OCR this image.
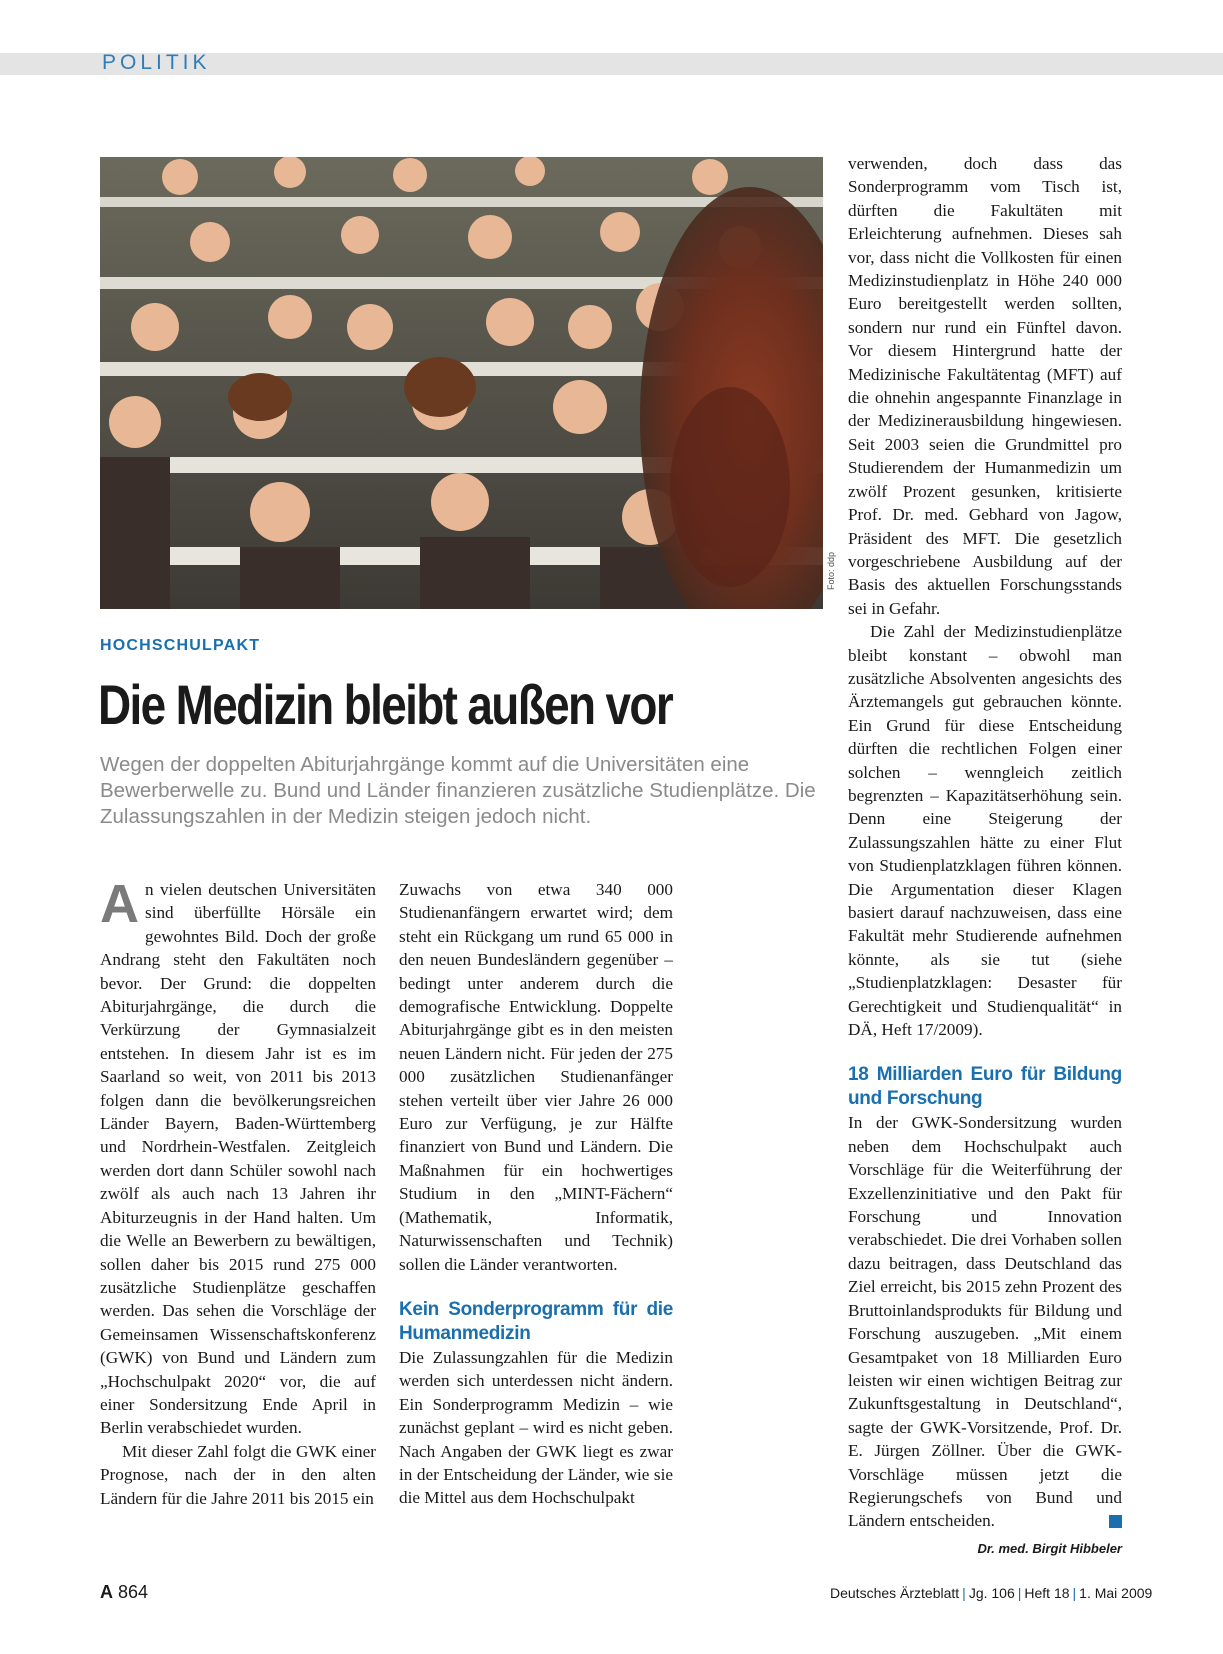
POLITIK
Foto: ddp
HOCHSCHULPAKT
Die Medizin bleibt außen vor

Wegen der doppelten Abiturjahrgänge kommt auf die Universitäten eine Bewerberwelle zu. Bund und Länder finanzieren zusätzliche Studienplätze. Die Zulassungszahlen in der Medizin steigen jedoch nicht.

An vielen deutschen Universitäten sind überfüllte Hörsäle ein gewohntes Bild. Doch der große Andrang steht den Fakultäten noch bevor. Der Grund: die doppelten Abiturjahrgänge, die durch die Verkürzung der Gymnasialzeit entstehen. In diesem Jahr ist es im Saarland so weit, von 2011 bis 2013 folgen dann die bevölkerungsreichen Länder Bayern, Baden-Württemberg und Nordrhein-Westfalen. Zeitgleich werden dort dann Schüler sowohl nach zwölf als auch nach 13 Jahren ihr Abiturzeugnis in der Hand halten. Um die Welle an Bewerbern zu bewältigen, sollen daher bis 2015 rund 275 000 zusätzliche Studienplätze geschaffen werden. Das sehen die Vorschläge der Gemeinsamen Wissenschaftskonferenz (GWK) von Bund und Ländern zum „Hochschulpakt 2020“ vor, die auf einer Sondersitzung Ende April in Berlin verabschiedet wurden.

Mit dieser Zahl folgt die GWK einer Prognose, nach der in den alten Ländern für die Jahre 2011 bis 2015 ein

Zuwachs von etwa 340 000 Studienanfängern erwartet wird; dem steht ein Rückgang um rund 65 000 in den neuen Bundesländern gegenüber – bedingt unter anderem durch die demografische Entwicklung. Doppelte Abiturjahrgänge gibt es in den meisten neuen Ländern nicht. Für jeden der 275 000 zusätzlichen Studienanfänger stehen verteilt über vier Jahre 26 000 Euro zur Verfügung, je zur Hälfte finanziert von Bund und Ländern. Die Maßnahmen für ein hochwertiges Studium in den „MINT-Fächern“ (Mathematik, Informatik, Naturwissenschaften und Technik) sollen die Länder verantworten.

Kein Sonderprogramm für die Humanmedizin

Die Zulassungzahlen für die Medizin werden sich unterdessen nicht ändern. Ein Sonderprogramm Medizin – wie zunächst geplant – wird es nicht geben. Nach Angaben der GWK liegt es zwar in der Entscheidung der Länder, wie sie die Mittel aus dem Hochschulpakt

verwenden, doch dass das Sonderprogramm vom Tisch ist, dürften die Fakultäten mit Erleichterung aufnehmen. Dieses sah vor, dass nicht die Vollkosten für einen Medizinstudienplatz in Höhe 240 000 Euro bereitgestellt werden sollten, sondern nur rund ein Fünftel davon. Vor diesem Hintergrund hatte der Medizinische Fakultätentag (MFT) auf die ohnehin angespannte Finanzlage in der Medizinerausbildung hingewiesen. Seit 2003 seien die Grundmittel pro Studierendem der Humanmedizin um zwölf Prozent gesunken, kritisierte Prof. Dr. med. Gebhard von Jagow, Präsident des MFT. Die gesetzlich vorgeschriebene Ausbildung auf der Basis des aktuellen Forschungsstands sei in Gefahr.

Die Zahl der Medizinstudienplätze bleibt konstant – obwohl man zusätzliche Absolventen angesichts des Ärztemangels gut gebrauchen könnte. Ein Grund für diese Entscheidung dürften die rechtlichen Folgen einer solchen – wenngleich zeitlich begrenzten – Kapazitätserhöhung sein. Denn eine Steigerung der Zulassungszahlen hätte zu einer Flut von Studienplatzklagen führen können. Die Argumentation dieser Klagen basiert darauf nachzuweisen, dass eine Fakultät mehr Studierende aufnehmen könnte, als sie tut (siehe „Studienplatzklagen: Desaster für Gerechtigkeit und Studienqualität“ in DÄ, Heft 17/2009).

18 Milliarden Euro für Bildung und Forschung

In der GWK-Sondersitzung wurden neben dem Hochschulpakt auch Vorschläge für die Weiterführung der Exzellenzinitiative und den Pakt für Forschung und Innovation verabschiedet. Die drei Vorhaben sollen dazu beitragen, dass Deutschland das Ziel erreicht, bis 2015 zehn Prozent des Bruttoinlandsprodukts für Bildung und Forschung auszugeben. „Mit einem Gesamtpaket von 18 Milliarden Euro leisten wir einen wichtigen Beitrag zur Zukunftsgestaltung in Deutschland“, sagte der GWK-Vorsitzende, Prof. Dr. E. Jürgen Zöllner. Über die GWK-Vorschläge müssen jetzt die Regierungschefs von Bund und Ländern entscheiden.

Dr. med. Birgit Hibbeler
A 864	Deutsches Ärzteblatt | Jg. 106 | Heft 18 | 1. Mai 2009
